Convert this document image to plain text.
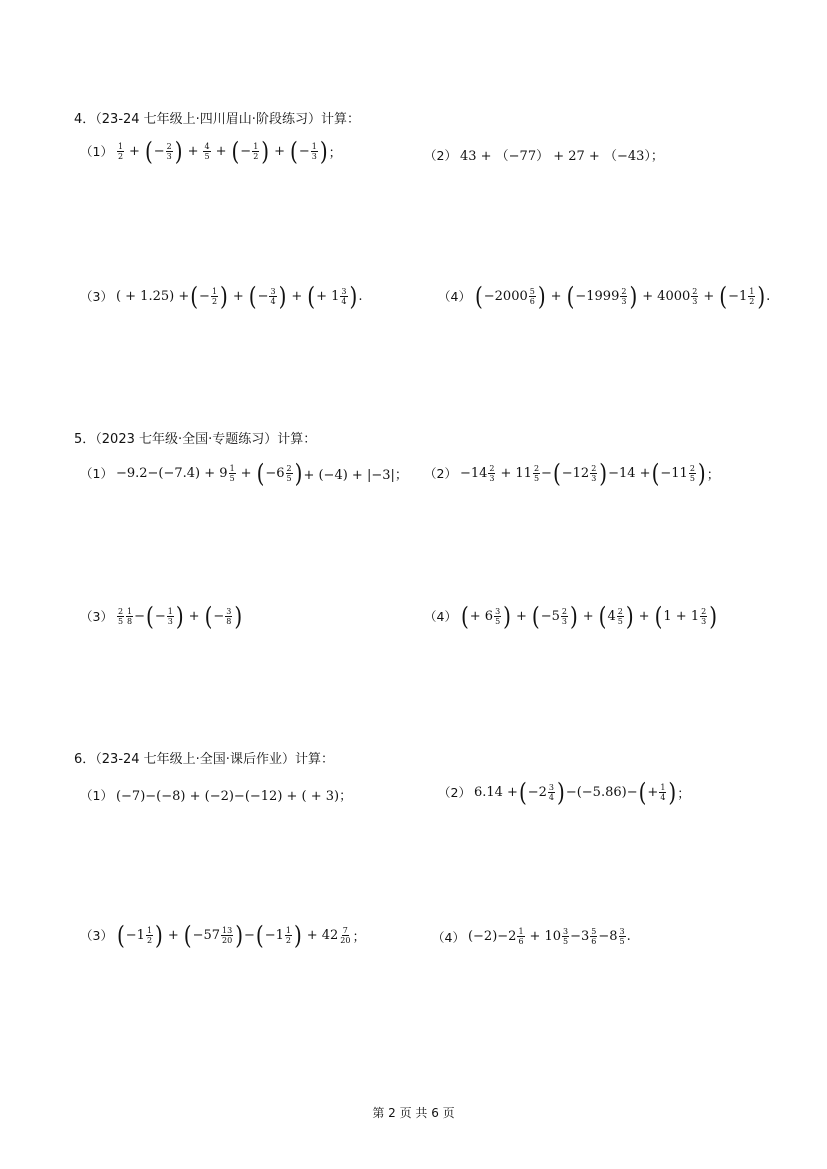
4．（23-24 七年级上·四川眉山·阶段练习）计算：
$(1) \frac{1}{2}$ + ( − $\frac{2}{3}$ ) + $\frac{4}{5}$ + ( − $\frac{1}{2}$ ) + ( − $\frac{1}{3}$ ) ；	（2） 43 + （−77） + 27 + （−43）；
（3） ( + 1.25) + ( − $\frac{1}{2}$ ) + ( − $\frac{3}{4}$ ) + ( + $1 \frac{3}{4}$ ) .	（4） ( $-2000 \frac{5}{6}$ ) + ( $-1999 \frac{2}{3}$ ) + $4000 \frac{2}{3}$ + ( $-1 \frac{1}{2}$ ) .
5．（2023 七年级·全国·专题练习）计算：
$(1) -9.2-(-7.4) + 9 \frac{1}{5}$ + ( $-6 \frac{2}{5}$ ) + (−4) + |−3|； $(2) -14 \frac{2}{3} + 11 \frac{2}{5}$ − ( $-12 \frac{2}{3}$ ) −14 + ( $-11 \frac{2}{5}$ ) ；
$(3) \frac{2}{5} \frac{1}{8}$ − ( − $\frac{1}{3}$ ) + ( − $\frac{3}{8}$ )	（4） ( + $6 \frac{3}{5}$ ) + ( $-5 \frac{2}{3}$ ) + ( $4 \frac{2}{5}$ ) + ( $1 + 1 \frac{2}{3}$ )
6．（23-24 七年级上·全国·课后作业）计算：
（1） (−7)−(−8) + (−2)−(−12) + ( + 3)；	（2） 6.14 + ( $-2 \frac{3}{4}$ ) −(−5.86)− ( + $\frac{1}{4}$ ) ；
（3） ( $-1 \frac{1}{2}$ ) + ( $-57 \frac{13}{20}$ ) − ( $-1 \frac{1}{2}$ ) + $42 \frac{7}{20}$ ；	（4） $(-2)-2 \frac{1}{6} + 10 \frac{3}{5} -3 \frac{5}{6} -8 \frac{3}{5}$ .
第 2 页 共 6 页
